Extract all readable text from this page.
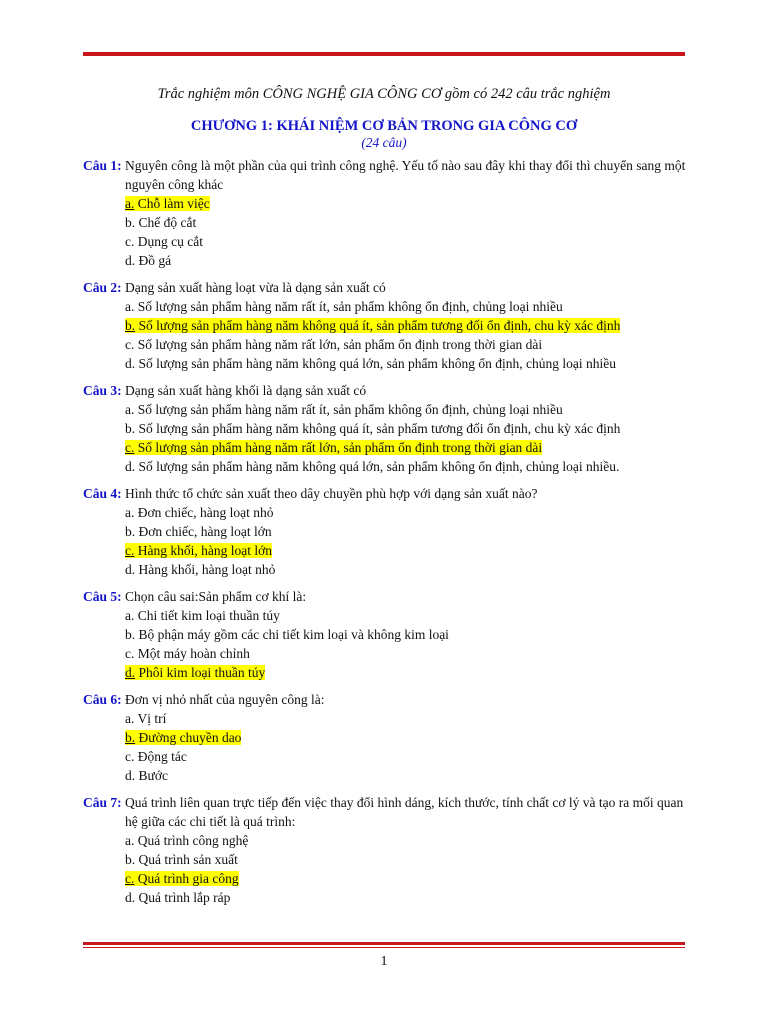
Trắc nghiệm môn CÔNG NGHỆ GIA CÔNG CƠ gồm có 242 câu trắc nghiệm
CHƯƠNG 1: KHÁI NIỆM CƠ BẢN TRONG GIA CÔNG CƠ
(24 câu)
Câu 1: Nguyên công là một phần của qui trình công nghệ. Yếu tố nào sau đây khi thay đổi thì chuyển sang một nguyên công khác
a. Chỗ làm việc
b. Chế độ cắt
c. Dụng cụ cắt
d. Đồ gá
Câu 2: Dạng sản xuất hàng loạt vừa là dạng sản xuất có
a. Số lượng sản phẩm hàng năm rất ít, sản phẩm không ổn định, chủng loại nhiều
b. Số lượng sản phẩm hàng năm không quá ít, sản phẩm tương đối ổn định, chu kỳ xác định
c. Số lượng sản phẩm hàng năm rất lớn, sản phẩm ổn định trong thời gian dài
d. Số lượng sản phẩm hàng năm không quá lớn, sản phẩm không ổn định, chủng loại nhiều
Câu 3: Dạng sản xuất hàng khối là dạng sản xuất có
a. Số lượng sản phẩm hàng năm rất ít, sản phẩm không ổn định, chủng loại nhiều
b. Số lượng sản phẩm hàng năm không quá ít, sản phẩm tương đối ổn định, chu kỳ xác định
c. Số lượng sản phẩm hàng năm rất lớn, sản phẩm ổn định trong thời gian dài
d. Số lượng sản phẩm hàng năm không quá lớn, sản phẩm không ổn định, chủng loại nhiều.
Câu 4: Hình thức tổ chức sản xuất theo dây chuyền phù hợp với dạng sản xuất nào?
a. Đơn chiếc, hàng loạt nhỏ
b. Đơn chiếc, hàng loạt lớn
c. Hàng khối, hàng loạt lớn
d. Hàng khối, hàng loạt nhỏ
Câu 5: Chọn câu sai:Sản phẩm cơ khí là:
a. Chi tiết kim loại thuần túy
b. Bộ phận máy gồm các chi tiết kim loại và không kim loại
c. Một máy hoàn chỉnh
d. Phôi kim loại thuần túy
Câu 6: Đơn vị nhỏ nhất của nguyên công là:
a. Vị trí
b. Đường chuyền dao
c. Động tác
d. Bước
Câu 7: Quá trình liên quan trực tiếp đến việc thay đổi hình dáng, kích thước, tính chất cơ lý và tạo ra mối quan hệ giữa các chi tiết là quá trình:
a. Quá trình công nghệ
b. Quá trình sản xuất
c. Quá trình gia công
d. Quá trình lắp ráp
1
